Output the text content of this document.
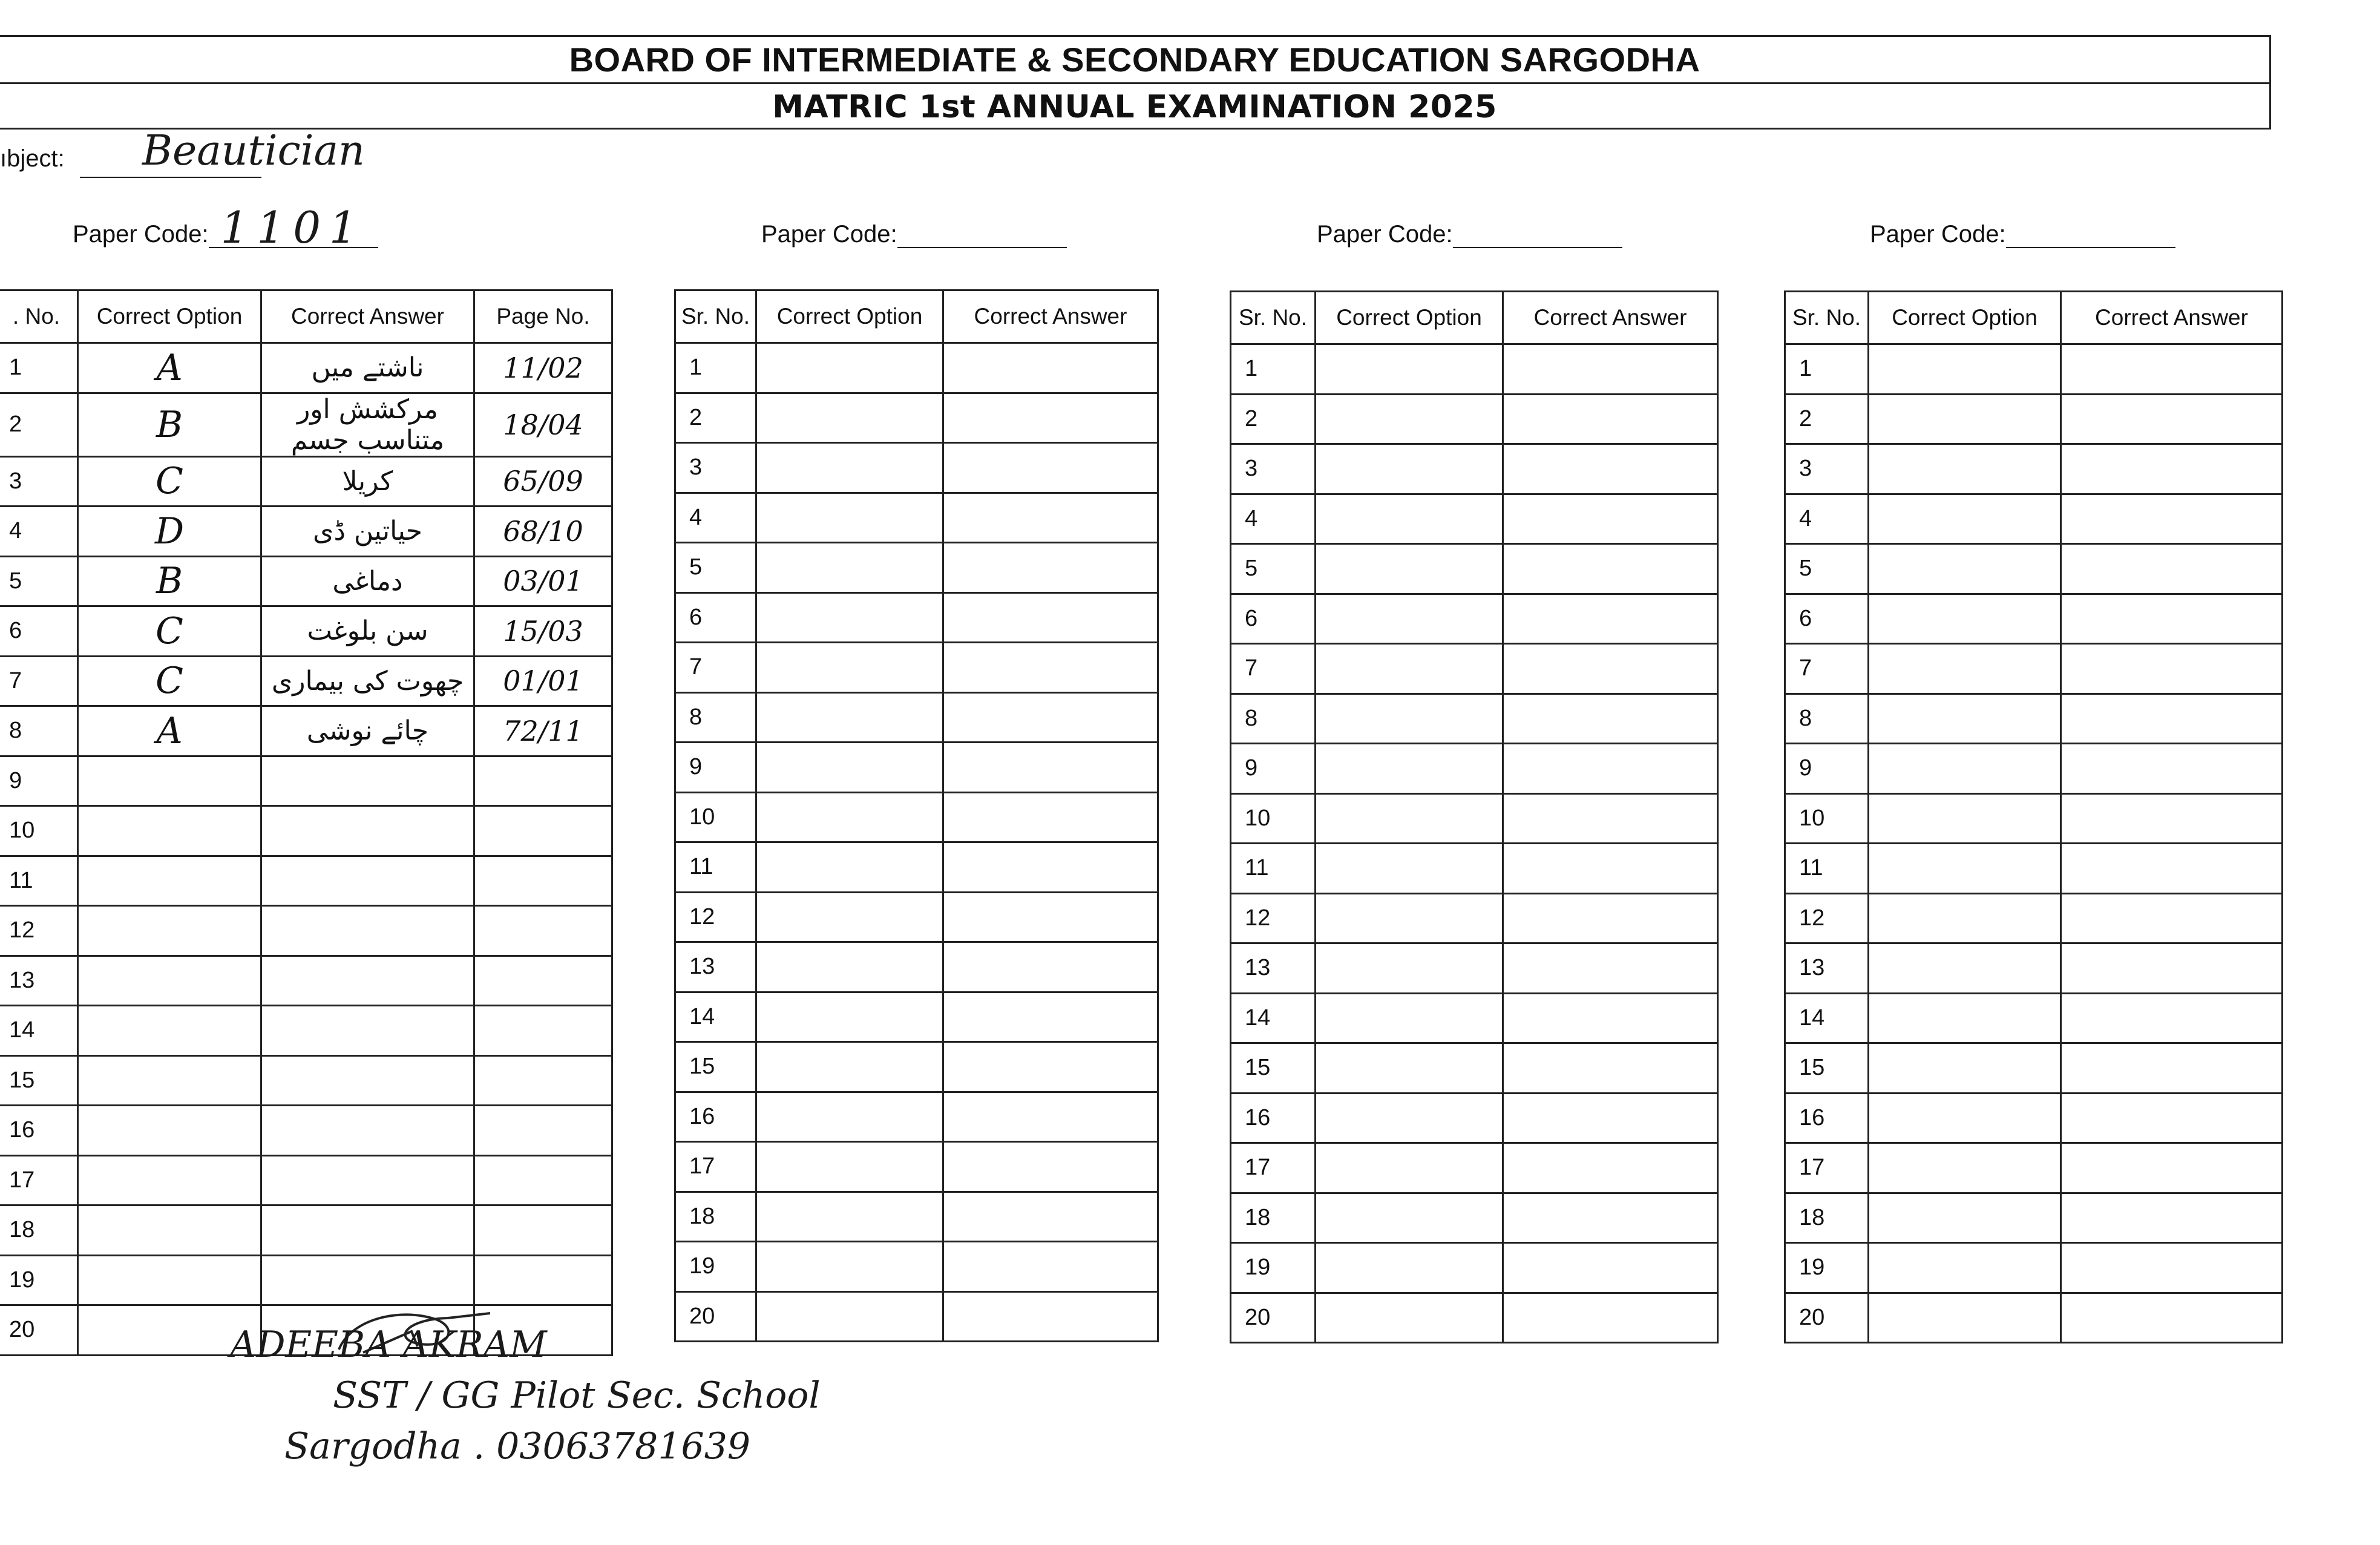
BOARD OF INTERMEDIATE & SECONDARY EDUCATION SARGODHA
MATRIC 1st ANNUAL EXAMINATION 2025
ıbject: Beautician
Paper Code: 1101	Paper Code:	Paper Code:	Paper Code:
. No.	Correct Option	Correct Answer	Page No.
1	A	ناشتے میں	11/02
2	B	مرکشش اور متناسب جسم	18/04
3	C	کریلا	65/09
4	D	حیاتین ڈی	68/10
5	B	دماغی	03/01
6	C	سن بلوغت	15/03
7	C	چھوت کی بیماری	01/01
8	A	چائے نوشی	72/11
9			
10			
11			
12			
13			
14			
15			
16			
17			
18			
19			
20			
Sr. No.	Correct Option	Correct Answer
1		
2		
3		
4		
5		
6		
7		
8		
9		
10		
11		
12		
13		
14		
15		
16		
17		
18		
19		
20		
Sr. No.	Correct Option	Correct Answer
1		
2		
3		
4		
5		
6		
7		
8		
9		
10		
11		
12		
13		
14		
15		
16		
17		
18		
19		
20		
Sr. No.	Correct Option	Correct Answer
1		
2		
3		
4		
5		
6		
7		
8		
9		
10		
11		
12		
13		
14		
15		
16		
17		
18		
19		
20		
ADEEBA AKRAM
SST / GG Pilot Sec. School
Sargodha . 03063781639
